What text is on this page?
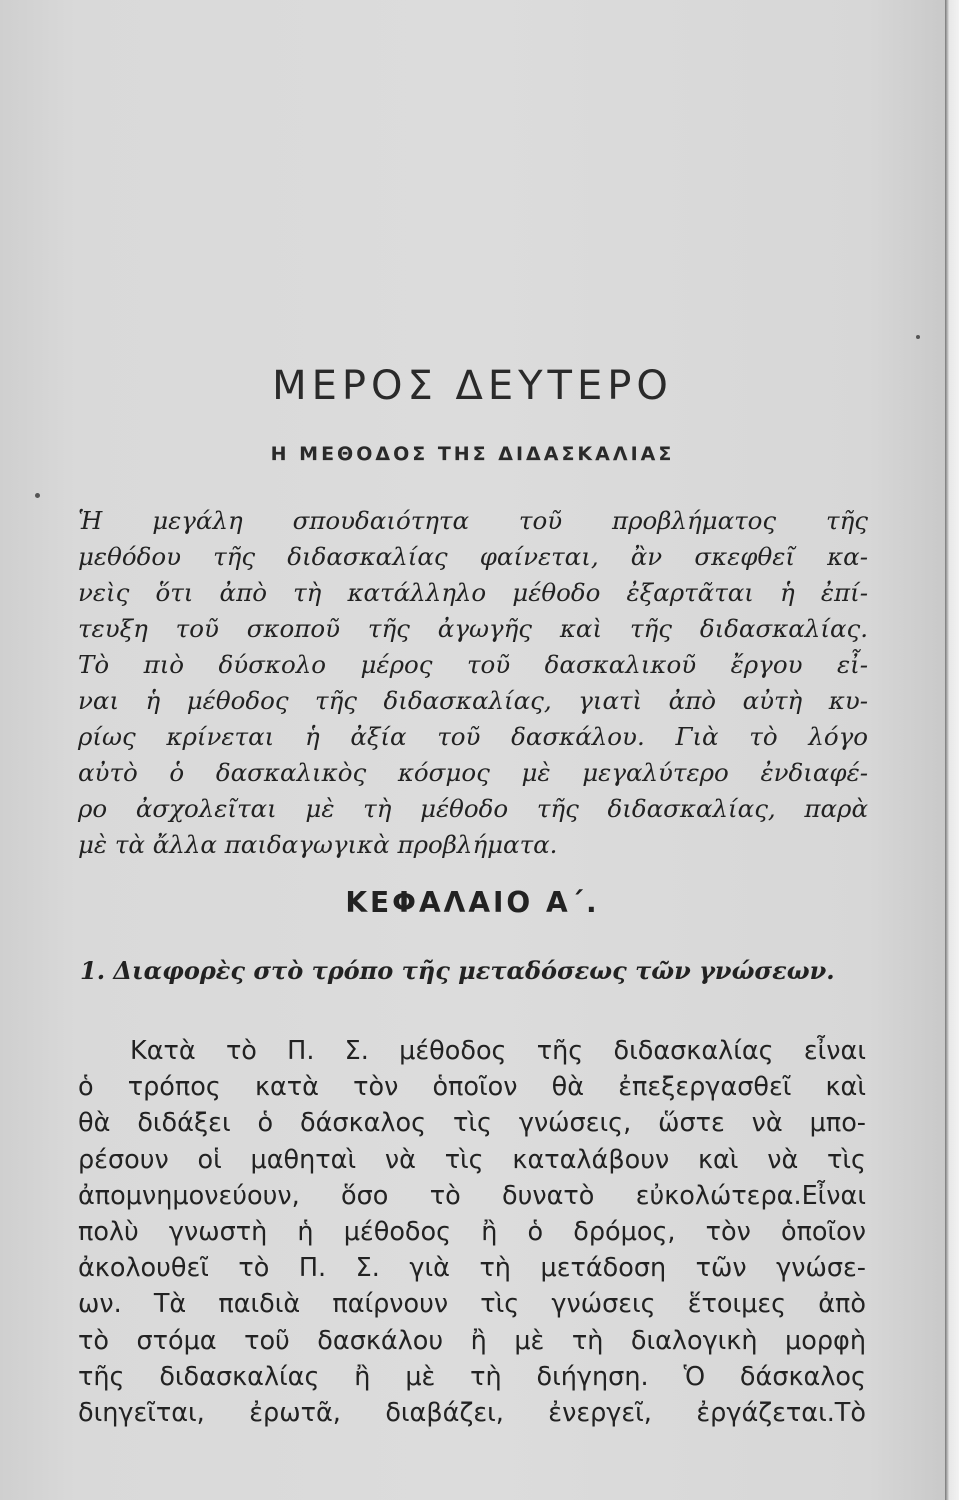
ΜΕΡΟΣ ΔΕΥΤΕΡΟ
Η ΜΕΘΟΔΟΣ ΤΗΣ ΔΙΔΑΣΚΑΛΙΑΣ

Ἡ μεγάλη σπουδαιότητα τοῦ προβλήματος τῆς
μεθόδου τῆς διδασκαλίας φαίνεται, ἂν σκεφθεῖ κα-
νεὶς ὅτι ἀπὸ τὴ κατάλληλο μέθοδο ἐξαρτᾶται ἡ ἐπί-
τευξη τοῦ σκοποῦ τῆς ἀγωγῆς καὶ τῆς διδασκαλίας.
Τὸ πιὸ δύσκολο μέρος τοῦ δασκαλικοῦ ἔργου εἶ-
ναι ἡ μέθοδος τῆς διδασκαλίας, γιατὶ ἀπὸ αὐτὴ κυ-
ρίως κρίνεται ἡ ἀξία τοῦ δασκάλου. Γιὰ τὸ λόγο
αὐτὸ ὁ δασκαλικὸς κόσμος μὲ μεγαλύτερο ἐνδιαφέ-
ρο ἀσχολεῖται μὲ τὴ μέθοδο τῆς διδασκαλίας, παρὰ
μὲ τὰ ἄλλα παιδαγωγικὰ προβλήματα.

ΚΕΦΑΛΑΙΟ Α΄.
1. Διαφορὲς στὸ τρόπο τῆς μεταδόσεως τῶν γνώσεων.

Κατὰ τὸ Π. Σ. μέθοδος τῆς διδασκαλίας εἶναι
ὁ τρόπος κατὰ τὸν ὁποῖον θὰ ἐπεξεργασθεῖ καὶ
θὰ διδάξει ὁ δάσκαλος τὶς γνώσεις, ὥστε νὰ μπο-
ρέσουν οἱ μαθηταὶ νὰ τὶς καταλάβουν καὶ νὰ τὶς
ἀπομνημονεύουν, ὅσο τὸ δυνατὸ εὐκολώτερα.Εἶναι
πολὺ γνωστὴ ἡ μέθοδος ἢ ὁ δρόμος, τὸν ὁποῖον
ἀκολουθεῖ τὸ Π. Σ. γιὰ τὴ μετάδοση τῶν γνώσε-
ων. Τὰ παιδιὰ παίρνουν τὶς γνώσεις ἕτοιμες ἀπὸ
τὸ στόμα τοῦ δασκάλου ἢ μὲ τὴ διαλογικὴ μορφὴ
τῆς διδασκαλίας ἢ μὲ τὴ διήγηση. Ὁ δάσκαλος
διηγεῖται, ἐρωτᾶ, διαβάζει, ἐνεργεῖ, ἐργάζεται.Τὸ
